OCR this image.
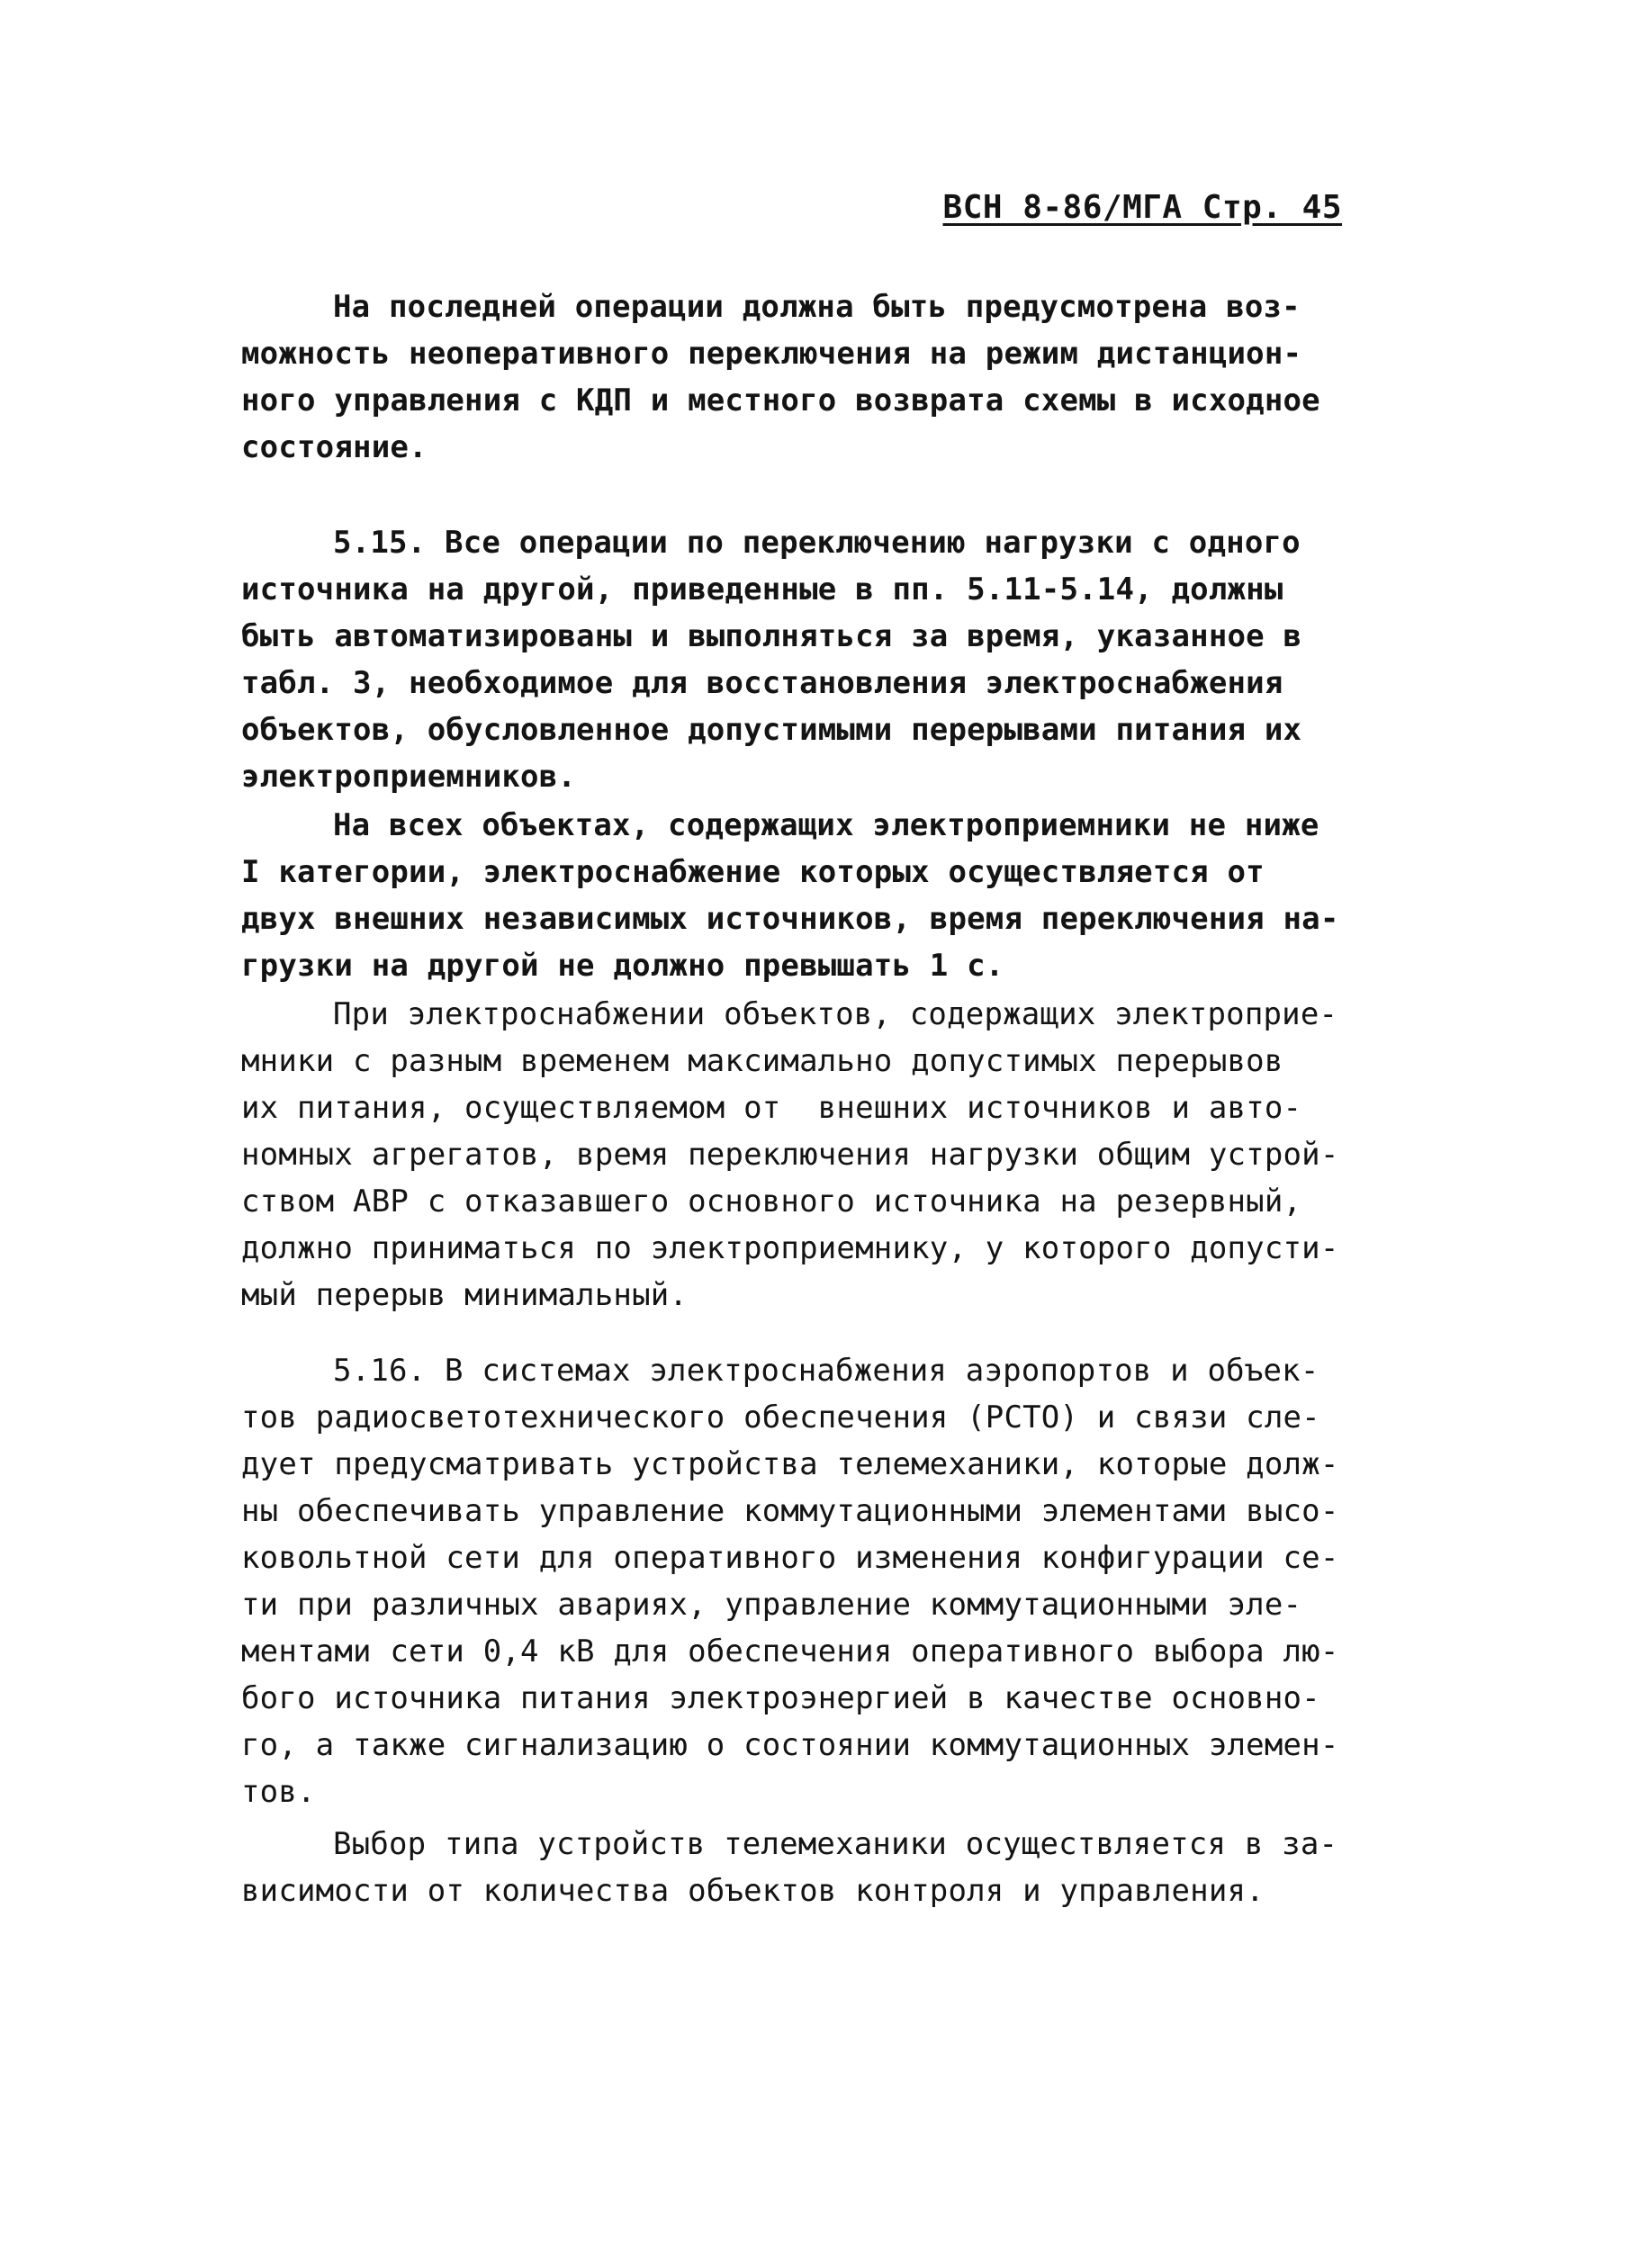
ВСН 8-86/МГА Стр. 45
На последней операции должна быть предусмотрена воз-
можность неоперативного переключения на режим дистанцион-
ного управления с КДП и местного возврата схемы в исходное
состояние.
5.15. Все операции по переключению нагрузки с одного
источника на другой, приведенные в пп. 5.11-5.14, должны
быть автоматизированы и выполняться за время, указанное в
табл. 3, необходимое для восстановления электроснабжения
объектов, обусловленное допустимыми перерывами питания их
электроприемников.
На всех объектах, содержащих электроприемники не ниже
I категории, электроснабжение которых осуществляется от
двух внешних независимых источников, время переключения на-
грузки на другой не должно превышать 1 с.
При электроснабжении объектов, содержащих электроприе-
мники с разным временем максимально допустимых перерывов
их питания, осуществляемом от  внешних источников и авто-
номных агрегатов, время переключения нагрузки общим устрой-
ством АВР с отказавшего основного источника на резервный,
должно приниматься по электроприемнику, у которого допусти-
мый перерыв минимальный.
5.16. В системах электроснабжения аэропортов и объек-
тов радиосветотехнического обеспечения (РСТО) и связи сле-
дует предусматривать устройства телемеханики, которые долж-
ны обеспечивать управление коммутационными элементами высо-
ковольтной сети для оперативного изменения конфигурации се-
ти при различных авариях, управление коммутационными эле-
ментами сети 0,4 кВ для обеспечения оперативного выбора лю-
бого источника питания электроэнергией в качестве основно-
го, а также сигнализацию о состоянии коммутационных элемен-
тов.
Выбор типа устройств телемеханики осуществляется в за-
висимости от количества объектов контроля и управления.
